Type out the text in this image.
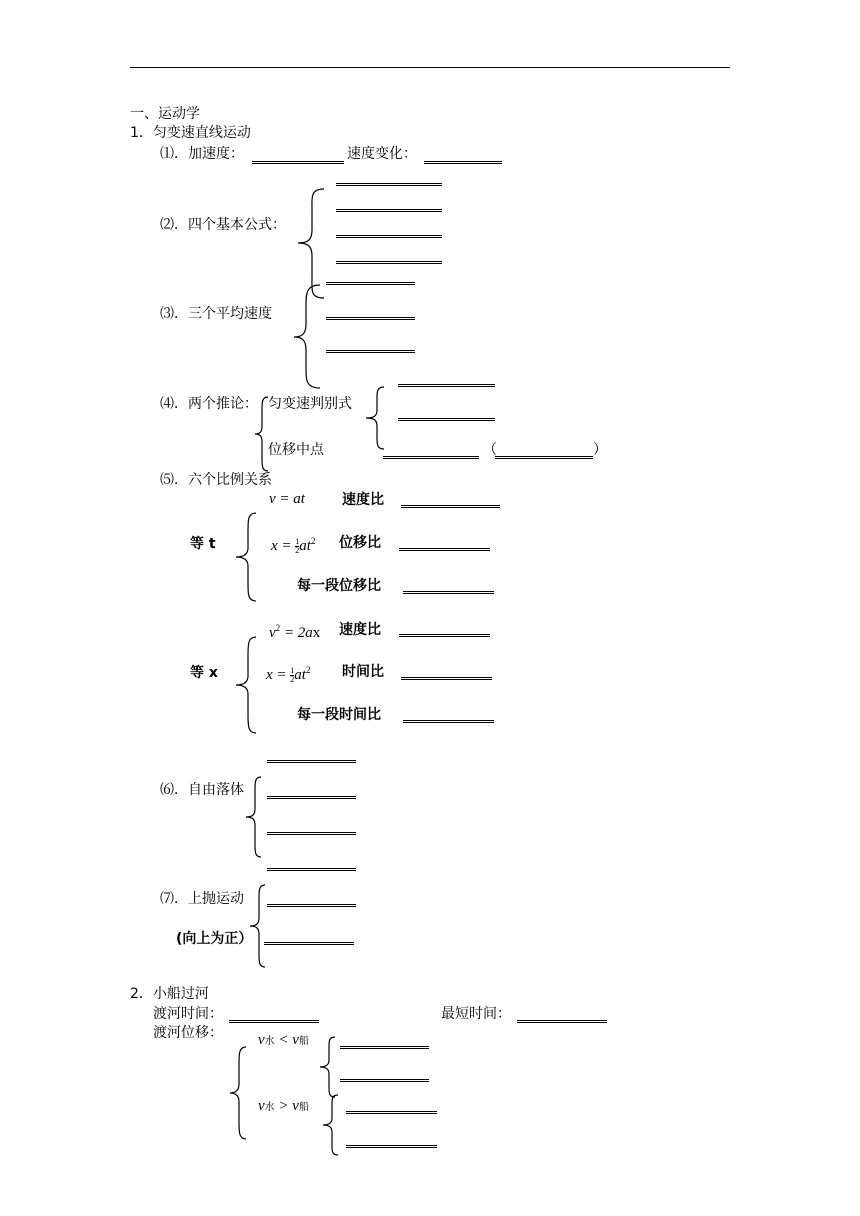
一、运动学
1．匀变速直线运动
⑴．加速度：	速度变化：
⑵．四个基本公式：
⑶．三个平均速度
⑷．两个推论： 匀变速判别式
位移中点	（	）
⑸．六个比例关系
v = at	速度比
等 t	$x = \frac{1}{2} at^2$ 位移比
每一段位移比
$v^2 = 2ax$ 速度比
等 x	$x = \frac{1}{2} at^2$ 时间比
每一段时间比
⑹．自由落体
⑺．上抛运动
(向上为正）
2．小船过河
渡河时间：	最短时间：
渡河位移： v水 < v船
v水 > v船
